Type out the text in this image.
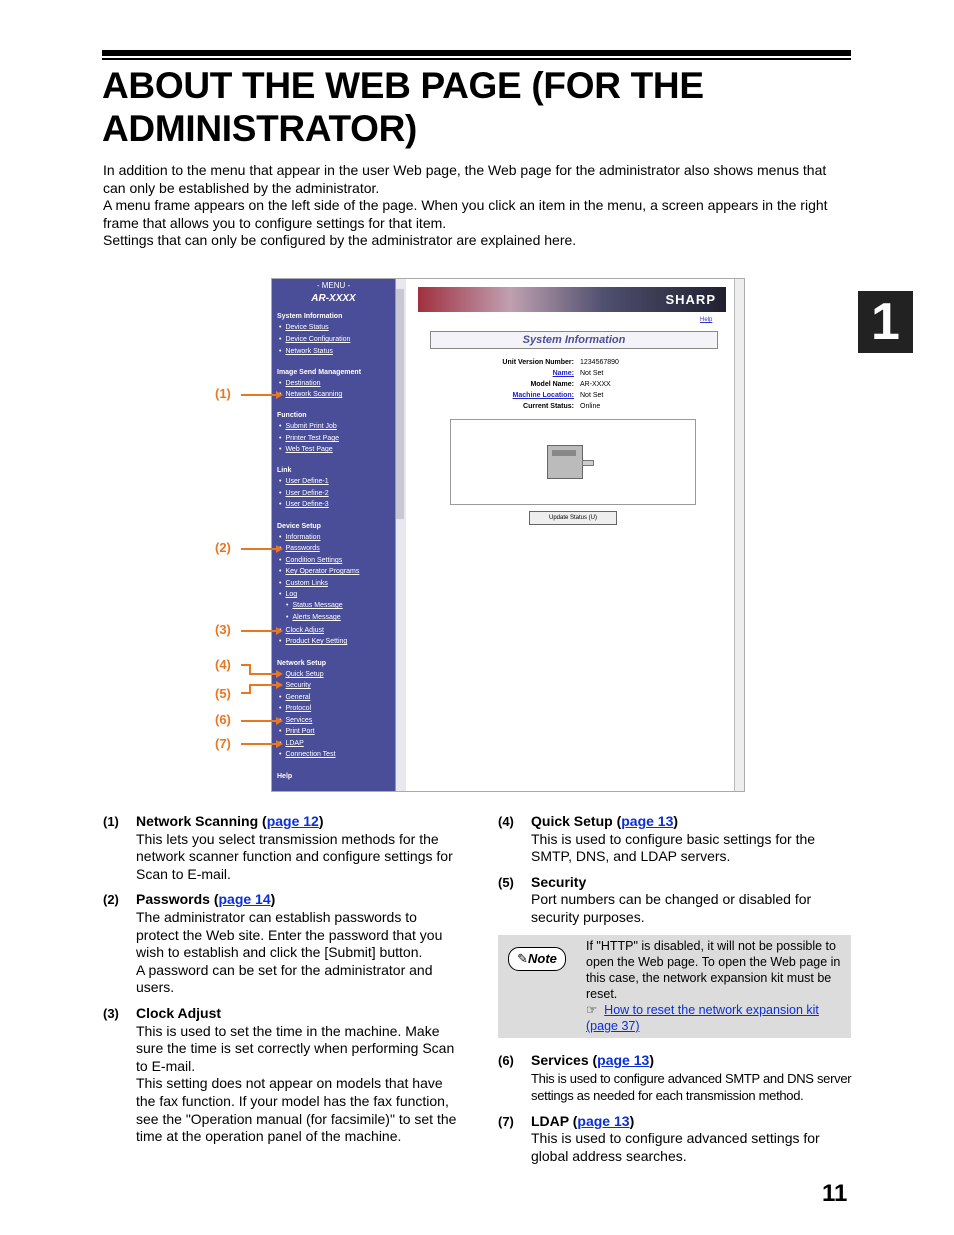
ABOUT THE WEB PAGE (FOR THE ADMINISTRATOR)

In addition to the menu that appear in the user Web page, the Web page for the administrator also shows menus that can only be established by the administrator.

A menu frame appears on the left side of the page. When you click an item in the menu, a screen appears in the right frame that allows you to configure settings for that item.

Settings that can only be configured by the administrator are explained here.

1
- MENU -
AR-XXXX
System Information
• Device Status
• Device Configuration
• Network Status
Image Send Management
• Destination
• Network Scanning
Function
• Submit Print Job
• Printer Test Page
• Web Test Page
Link
• User Define-1
• User Define-2
• User Define-3
Device Setup
• Information
• Passwords
• Condition Settings
• Key Operator Programs
• Custom Links
• Log
• Status Message
• Alerts Message
• Clock Adjust
• Product Key Setting
Network Setup
• Quick Setup
• Security
• General
• Protocol
• Services
• Print Port
• LDAP
• Connection Test
Help
SHARP
Help
System Information
Unit Version Number: 1234567890
Name: Not Set
Model Name: AR-XXXX
Machine Location: Not Set
Current Status: Online
Update Status (U)
(1)
(2)
(3)
(4)
(5)
(6)
(7)
(1) Network Scanning (page 12)

This lets you select transmission methods for the network scanner function and configure settings for Scan to E-mail.

(2) Passwords (page 14)

The administrator can establish passwords to protect the Web site. Enter the password that you wish to establish and click the [Submit] button.

A password can be set for the administrator and users.

(3) Clock Adjust

This is used to set the time in the machine. Make sure the time is set correctly when performing Scan to E-mail.

This setting does not appear on models that have the fax function. If your model has the fax function, see the "Operation manual (for facsimile)" to set the time at the operation panel of the machine.

(4) Quick Setup (page 13)

This is used to configure basic settings for the SMTP, DNS, and LDAP servers.

(5) Security

Port numbers can be changed or disabled for security purposes.

✎Note
If "HTTP" is disabled, it will not be possible to open the Web page. To open the Web page in this case, the network expansion kit must be reset.
☞ How to reset the network expansion kit (page 37)
(6) Services (page 13)

This is used to configure advanced SMTP and DNS server settings as needed for each transmission method.

(7) LDAP (page 13)

This is used to configure advanced settings for global address searches.

11
